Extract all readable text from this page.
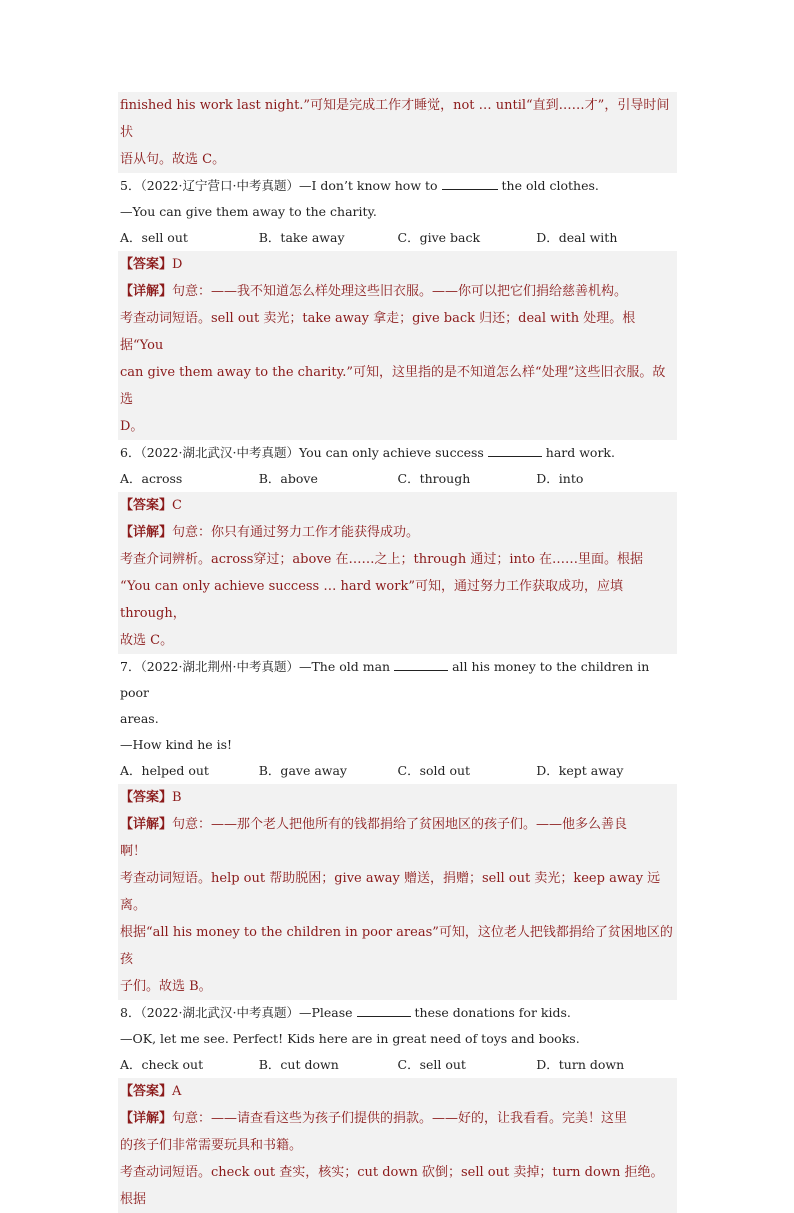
finished his work last night.”可知是完成工作才睡觉，not … until“直到……才”，引导时间状
语从句。故选 C。
5．（2022·辽宁营口·中考真题）—I don’t know how to	the old clothes.
—You can give them away to the charity.
A．sell out	B．take away	C．give back	D．deal with
【答案】D
【详解】句意：——我不知道怎么样处理这些旧衣服。——你可以把它们捐给慈善机构。
考查动词短语。sell out 卖光；take away 拿走；give back 归还；deal with 处理。根据“You
can give them away to the charity.”可知，这里指的是不知道怎么样“处理”这些旧衣服。故选
D。
6．（2022·湖北武汉·中考真题）You can only achieve success	hard work.
A．across	B．above	C．through	D．into
【答案】C
【详解】句意：你只有通过努力工作才能获得成功。
考查介词辨析。across穿过；above 在……之上；through 通过；into 在……里面。根据
“You can only achieve success … hard work”可知，通过努力工作获取成功，应填 through，
故选 C。
7．（2022·湖北荆州·中考真题）—The old man	all his money to the children in poor
areas.
—How kind he is!
A．helped out	B．gave away	C．sold out	D．kept away
【答案】B
【详解】句意：——那个老人把他所有的钱都捐给了贫困地区的孩子们。——他多么善良
啊！
考查动词短语。help out 帮助脱困；give away 赠送，捐赠；sell out 卖光；keep away 远离。
根据“all his money to the children in poor areas”可知，这位老人把钱都捐给了贫困地区的孩
子们。故选 B。
8．（2022·湖北武汉·中考真题）—Please	these donations for kids.
—OK, let me see. Perfect! Kids here are in great need of toys and books.
A．check out	B．cut down	C．sell out	D．turn down
【答案】A
【详解】句意：——请查看这些为孩子们提供的捐款。——好的，让我看看。完美！这里
的孩子们非常需要玩具和书籍。
考查动词短语。check out 查实，核实；cut down 砍倒；sell out 卖掉；turn down 拒绝。根据
